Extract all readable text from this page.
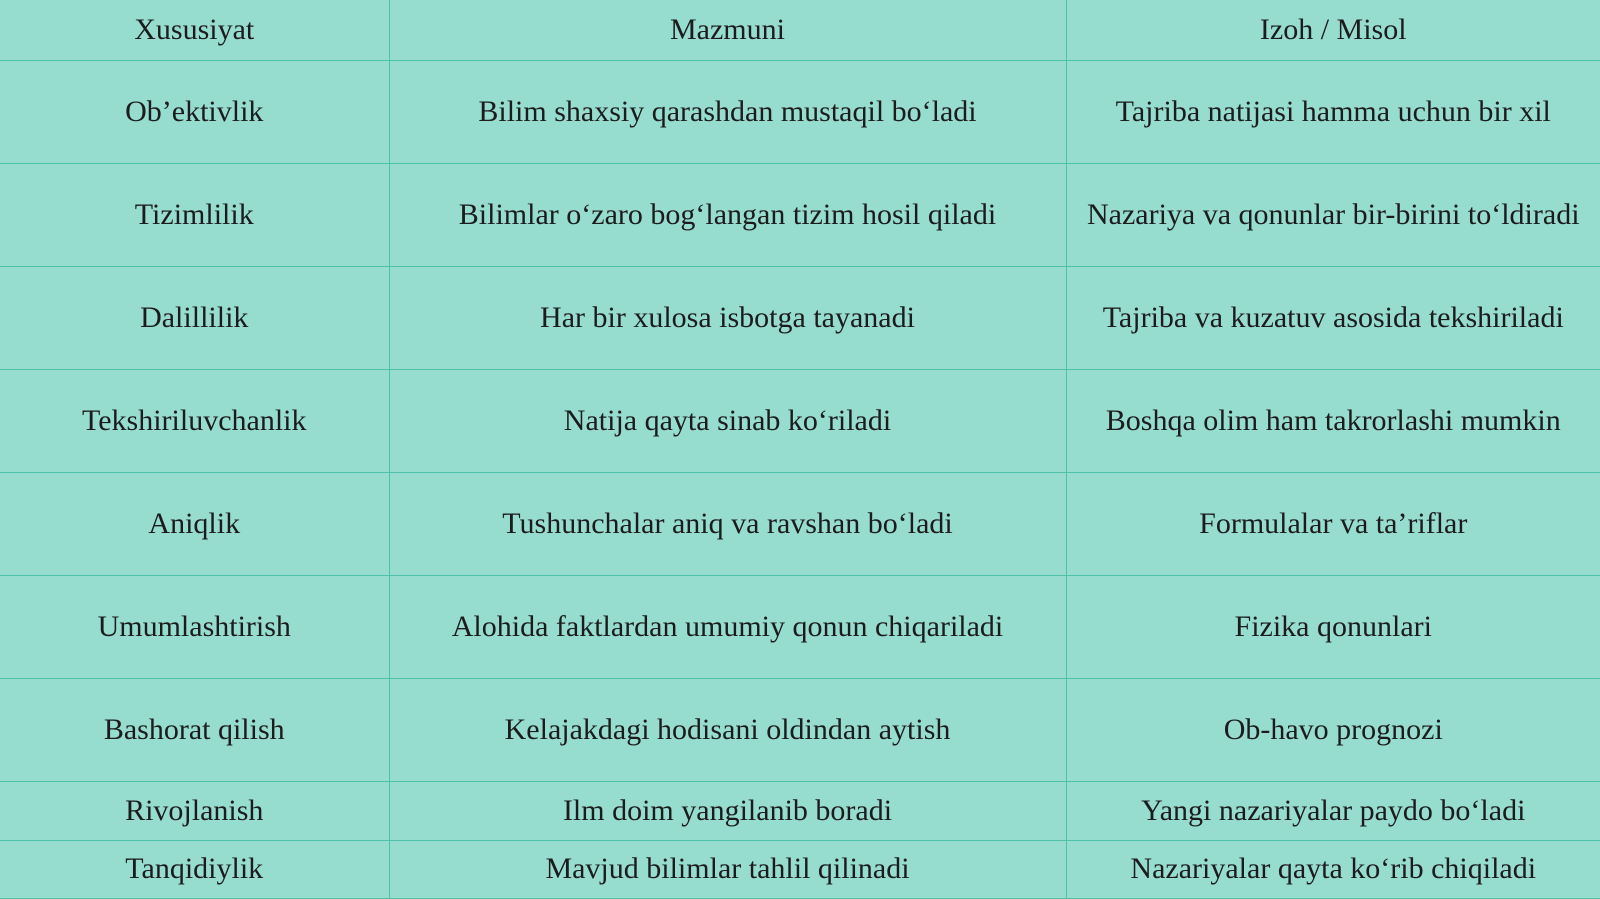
Xususiyat	Mazmuni	Izoh / Misol
Ob’ektivlik	Bilim shaxsiy qarashdan mustaqil bo‘ladi	Tajriba natijasi hamma uchun bir xil
Tizimlilik	Bilimlar o‘zaro bog‘langan tizim hosil qiladi	Nazariya va qonunlar bir-birini to‘ldiradi
Dalillilik	Har bir xulosa isbotga tayanadi	Tajriba va kuzatuv asosida tekshiriladi
Tekshiriluvchanlik	Natija qayta sinab ko‘riladi	Boshqa olim ham takrorlashi mumkin
Aniqlik	Tushunchalar aniq va ravshan bo‘ladi	Formulalar va ta’riflar
Umumlashtirish	Alohida faktlardan umumiy qonun chiqariladi	Fizika qonunlari
Bashorat qilish	Kelajakdagi hodisani oldindan aytish	Ob-havo prognozi
Rivojlanish	Ilm doim yangilanib boradi	Yangi nazariyalar paydo bo‘ladi
Tanqidiylik	Mavjud bilimlar tahlil qilinadi	Nazariyalar qayta ko‘rib chiqiladi
